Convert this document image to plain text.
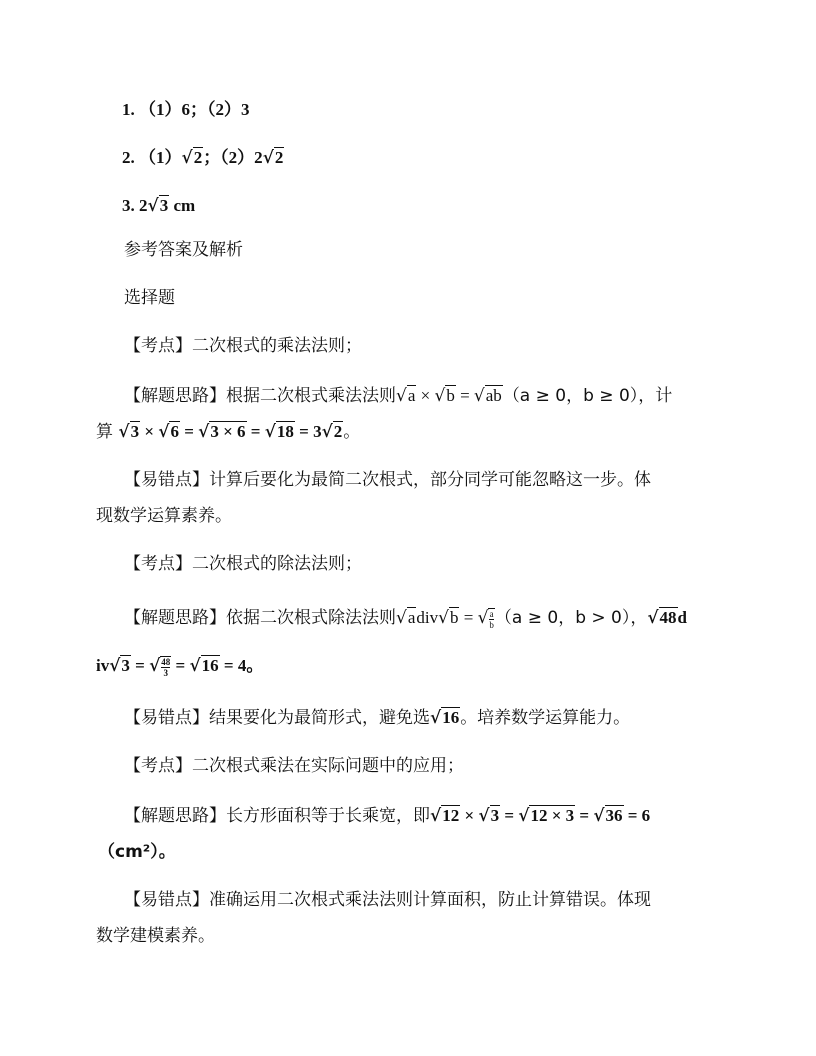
1. （1）6；（2）3
2. （1）√2；（2）2√2
3. 2√3 cm
参考答案及解析
选择题
【考点】二次根式的乘法法则；
【解题思路】根据二次根式乘法法则√a × √b = √ab（a ≥ 0，b ≥ 0），计
算 √3 × √6 = √3 × 6 = √18 = 3√2。
【易错点】计算后要化为最简二次根式，部分同学可能忽略这一步。体
现数学运算素养。
【考点】二次根式的除法法则；
【解题思路】依据二次根式除法法则√adiv√b = √ $\frac{a}{b} (a \ge 0$，b > 0），√48d
iv√3 = √ $\frac{48}{3} = √16 = 4$。
【易错点】结果要化为最简形式，避免选√16。培养数学运算能力。
【考点】二次根式乘法在实际问题中的应用；
【解题思路】长方形面积等于长乘宽，即√12 × √3 = √12 × 3 = √36 = 6
（cm²）。
【易错点】准确运用二次根式乘法法则计算面积，防止计算错误。体现
数学建模素养。
